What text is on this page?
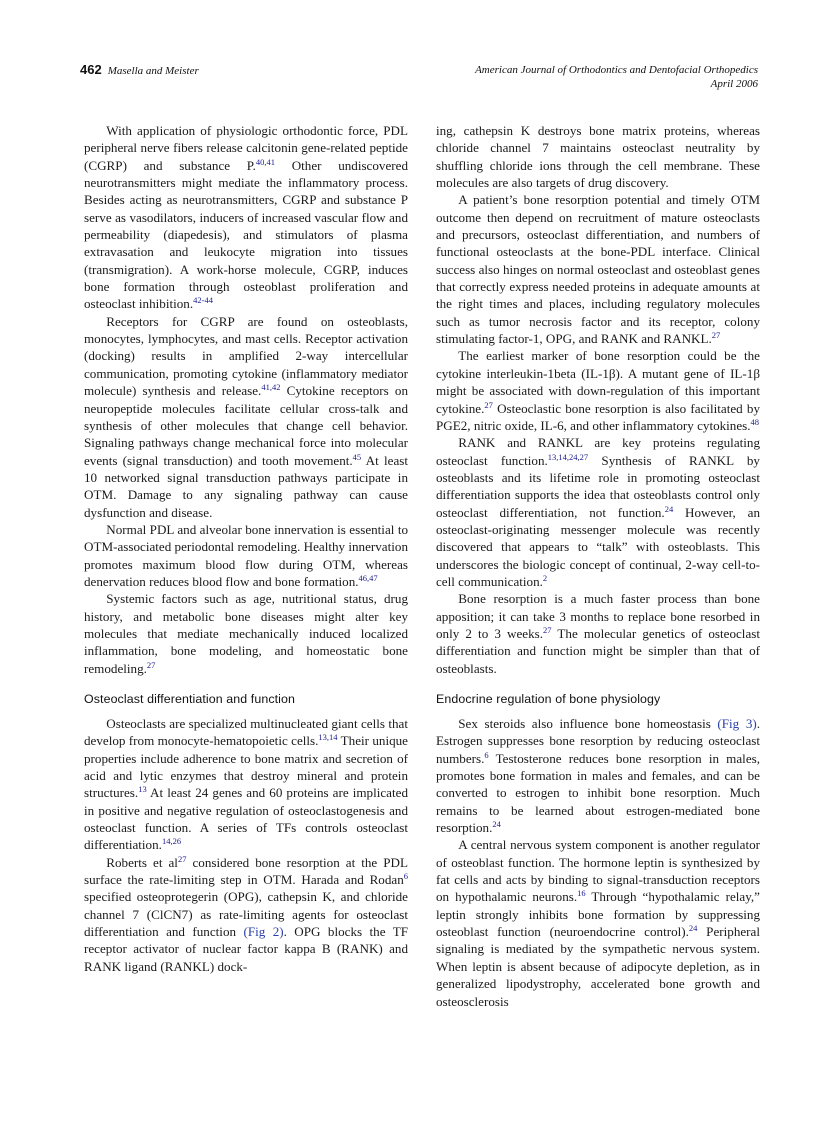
462 Masella and Meister	American Journal of Orthodontics and Dentofacial Orthopedics
April 2006

With application of physiologic orthodontic force, PDL peripheral nerve fibers release calcitonin gene-related peptide (CGRP) and substance P.$^{40,41}$ Other undiscovered neurotransmitters might mediate the inflammatory process. Besides acting as neurotransmitters, CGRP and substance P serve as vasodilators, inducers of increased vascular flow and permeability (diapedesis), and stimulators of plasma extravasation and leukocyte migration into tissues (transmigration). A work-horse molecule, CGRP, induces bone formation through osteoblast proliferation and osteoclast inhibition.$^{42-44}$

Receptors for CGRP are found on osteoblasts, monocytes, lymphocytes, and mast cells. Receptor activation (docking) results in amplified 2-way intercellular communication, promoting cytokine (inflammatory mediator molecule) synthesis and release.$^{41,42}$ Cytokine receptors on neuropeptide molecules facilitate cellular cross-talk and synthesis of other molecules that change cell behavior. Signaling pathways change mechanical force into molecular events (signal transduction) and tooth movement.$^{45}$ At least 10 networked signal transduction pathways participate in OTM. Damage to any signaling pathway can cause dysfunction and disease.

Normal PDL and alveolar bone innervation is essential to OTM-associated periodontal remodeling. Healthy innervation promotes maximum blood flow during OTM, whereas denervation reduces blood flow and bone formation.$^{46,47}$

Systemic factors such as age, nutritional status, drug history, and metabolic bone diseases might alter key molecules that mediate mechanically induced localized inflammation, bone modeling, and homeostatic bone remodeling.$^{27}$

Osteoclast differentiation and function

Osteoclasts are specialized multinucleated giant cells that develop from monocyte-hematopoietic cells.$^{13,14}$ Their unique properties include adherence to bone matrix and secretion of acid and lytic enzymes that destroy mineral and protein structures.$^{13}$ At least 24 genes and 60 proteins are implicated in positive and negative regulation of osteoclastogenesis and osteoclast function. A series of TFs controls osteoclast differentiation.$^{14,26}$

Roberts et $al^{27}$ considered bone resorption at the PDL surface the rate-limiting step in OTM. Harada and Rodan$^6$ specified osteoprotegerin (OPG), cathepsin K, and chloride channel 7 (ClCN7) as rate-limiting agents for osteoclast differentiation and function (Fig 2). OPG blocks the TF receptor activator of nuclear factor kappa B (RANK) and RANK ligand (RANKL) dock-

ing, cathepsin K destroys bone matrix proteins, whereas chloride channel 7 maintains osteoclast neutrality by shuffling chloride ions through the cell membrane. These molecules are also targets of drug discovery.

A patient’s bone resorption potential and timely OTM outcome then depend on recruitment of mature osteoclasts and precursors, osteoclast differentiation, and numbers of functional osteoclasts at the bone-PDL interface. Clinical success also hinges on normal osteoclast and osteoblast genes that correctly express needed proteins in adequate amounts at the right times and places, including regulatory molecules such as tumor necrosis factor and its receptor, colony stimulating factor-1, OPG, and RANK and RANKL.$^{27}$

The earliest marker of bone resorption could be the cytokine interleukin-1beta (IL-1β). A mutant gene of IL-1β might be associated with down-regulation of this important cytokine.$^{27}$ Osteoclastic bone resorption is also facilitated by PGE2, nitric oxide, IL-6, and other inflammatory cytokines.$^{48}$

RANK and RANKL are key proteins regulating osteoclast function.$^{13,14,24,27}$ Synthesis of RANKL by osteoblasts and its lifetime role in promoting osteoclast differentiation supports the idea that osteoblasts control only osteoclast differentiation, not function.$^{24}$ However, an osteoclast-originating messenger molecule was recently discovered that appears to “talk” with osteoblasts. This underscores the biologic concept of continual, 2-way cell-to-cell communication.$^2$

Bone resorption is a much faster process than bone apposition; it can take 3 months to replace bone resorbed in only 2 to 3 weeks.$^{27}$ The molecular genetics of osteoclast differentiation and function might be simpler than that of osteoblasts.

Endocrine regulation of bone physiology

Sex steroids also influence bone homeostasis (Fig 3). Estrogen suppresses bone resorption by reducing osteoclast numbers.$^6$ Testosterone reduces bone resorption in males, promotes bone formation in males and females, and can be converted to estrogen to inhibit bone resorption. Much remains to be learned about estrogen-mediated bone resorption.$^{24}$

A central nervous system component is another regulator of osteoblast function. The hormone leptin is synthesized by fat cells and acts by binding to signal-transduction receptors on hypothalamic neurons.$^{16}$ Through “hypothalamic relay,” leptin strongly inhibits bone formation by suppressing osteoblast function (neuroendocrine control).$^{24}$ Peripheral signaling is mediated by the sympathetic nervous system. When leptin is absent because of adipocyte depletion, as in generalized lipodystrophy, accelerated bone growth and osteosclerosis
